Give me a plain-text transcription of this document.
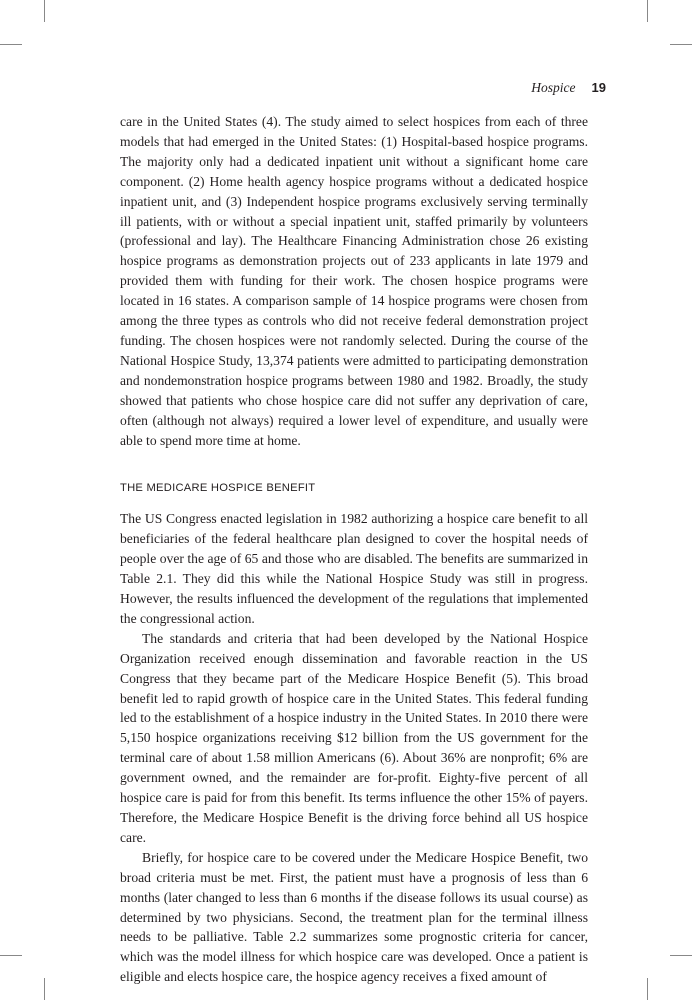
Hospice 19

care in the United States (4). The study aimed to select hospices from each of three models that had emerged in the United States: (1) Hospital-based hospice programs. The majority only had a dedicated inpatient unit without a significant home care component. (2) Home health agency hospice programs without a dedicated hospice inpatient unit, and (3) Independent hospice programs exclusively serving terminally ill patients, with or without a special inpatient unit, staffed primarily by volunteers (professional and lay). The Healthcare Financing Administration chose 26 existing hospice programs as demonstration projects out of 233 applicants in late 1979 and provided them with funding for their work. The chosen hospice programs were located in 16 states. A comparison sample of 14 hospice programs were chosen from among the three types as controls who did not receive federal demonstration project funding. The chosen hospices were not randomly selected. During the course of the National Hospice Study, 13,374 patients were admitted to participating demonstration and nondemonstration hospice programs between 1980 and 1982. Broadly, the study showed that patients who chose hospice care did not suffer any deprivation of care, often (although not always) required a lower level of expenditure, and usually were able to spend more time at home.

THE MEDICARE HOSPICE BENEFIT

The US Congress enacted legislation in 1982 authorizing a hospice care benefit to all beneficiaries of the federal healthcare plan designed to cover the hospital needs of people over the age of 65 and those who are disabled. The benefits are summarized in Table 2.1. They did this while the National Hospice Study was still in progress. However, the results influenced the development of the regulations that implemented the congressional action.

The standards and criteria that had been developed by the National Hospice Organization received enough dissemination and favorable reaction in the US Congress that they became part of the Medicare Hospice Benefit (5). This broad benefit led to rapid growth of hospice care in the United States. This federal funding led to the establishment of a hospice industry in the United States. In 2010 there were 5,150 hospice organizations receiving $12 billion from the US government for the terminal care of about 1.58 million Americans (6). About 36% are nonprofit; 6% are government owned, and the remainder are for-profit. Eighty-five percent of all hospice care is paid for from this benefit. Its terms influence the other 15% of payers. Therefore, the Medicare Hospice Benefit is the driving force behind all US hospice care.

Briefly, for hospice care to be covered under the Medicare Hospice Benefit, two broad criteria must be met. First, the patient must have a prognosis of less than 6 months (later changed to less than 6 months if the disease follows its usual course) as determined by two physicians. Second, the treatment plan for the terminal illness needs to be palliative. Table 2.2 summarizes some prognostic criteria for cancer, which was the model illness for which hospice care was developed. Once a patient is eligible and elects hospice care, the hospice agency receives a fixed amount of
